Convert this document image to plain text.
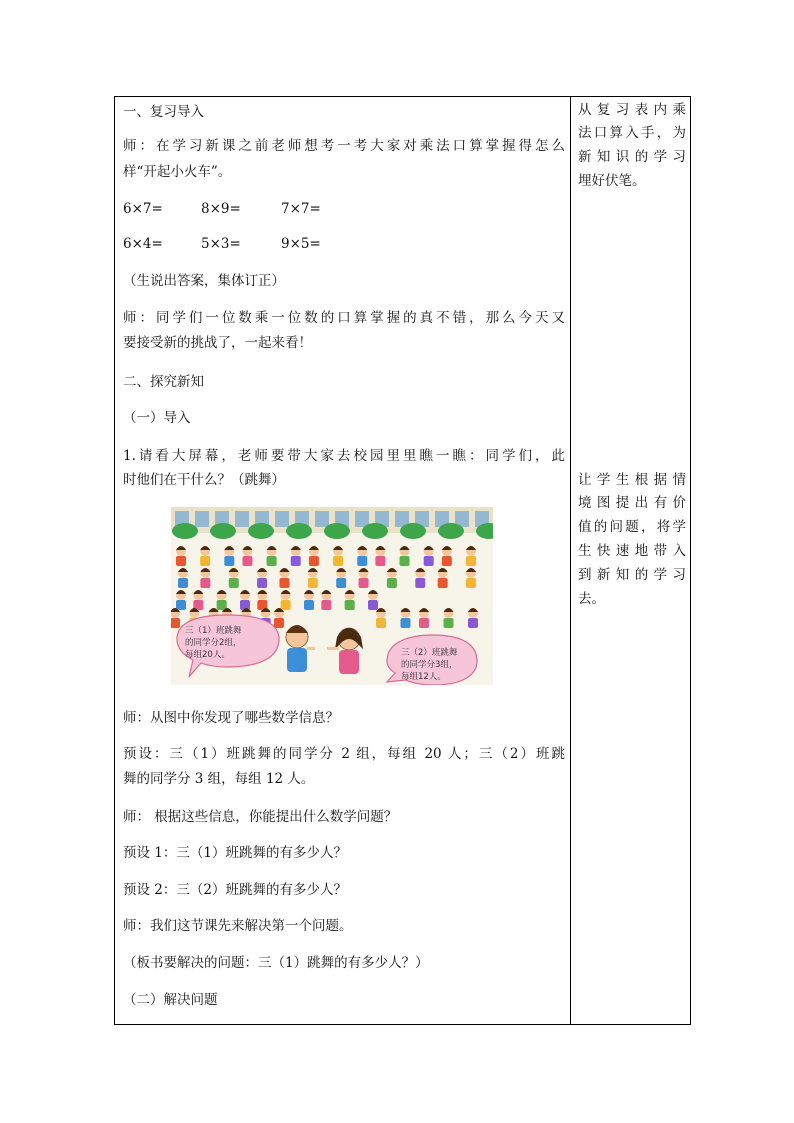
一、复习导入
师：在学习新课之前老师想考一考大家对乘法口算掌握得怎么
样“开起小火车”。
6×7=	8×9=	7×7=
6×4=	5×3=	9×5=
（生说出答案，集体订正）
师：同学们一位数乘一位数的口算掌握的真不错，那么今天又
要接受新的挑战了，一起来看！
二、探究新知
（一）导入
1.请看大屏幕，老师要带大家去校园里里瞧一瞧：同学们，此
时他们在干什么？（跳舞）
三（1）班跳舞
的同学分2组，
每组20人。	三（2）班跳舞
的同学分3组，
每组12人。
师：从图中你发现了哪些数学信息？
预设：三（1）班跳舞的同学分 2 组，每组 20 人；三（2）班跳
舞的同学分 3 组，每组 12 人。
师： 根据这些信息，你能提出什么数学问题？
预设 1：三（1）班跳舞的有多少人？
预设 2：三（2）班跳舞的有多少人？
师：我们这节课先来解决第一个问题。
（板书要解决的问题：三（1）跳舞的有多少人？）
（二）解决问题
从复习表内乘
法口算入手，为
新知识的学习
埋好伏笔。
让学生根据情
境图提出有价
值的问题，将学
生快速地带入
到新知的学习
去。
